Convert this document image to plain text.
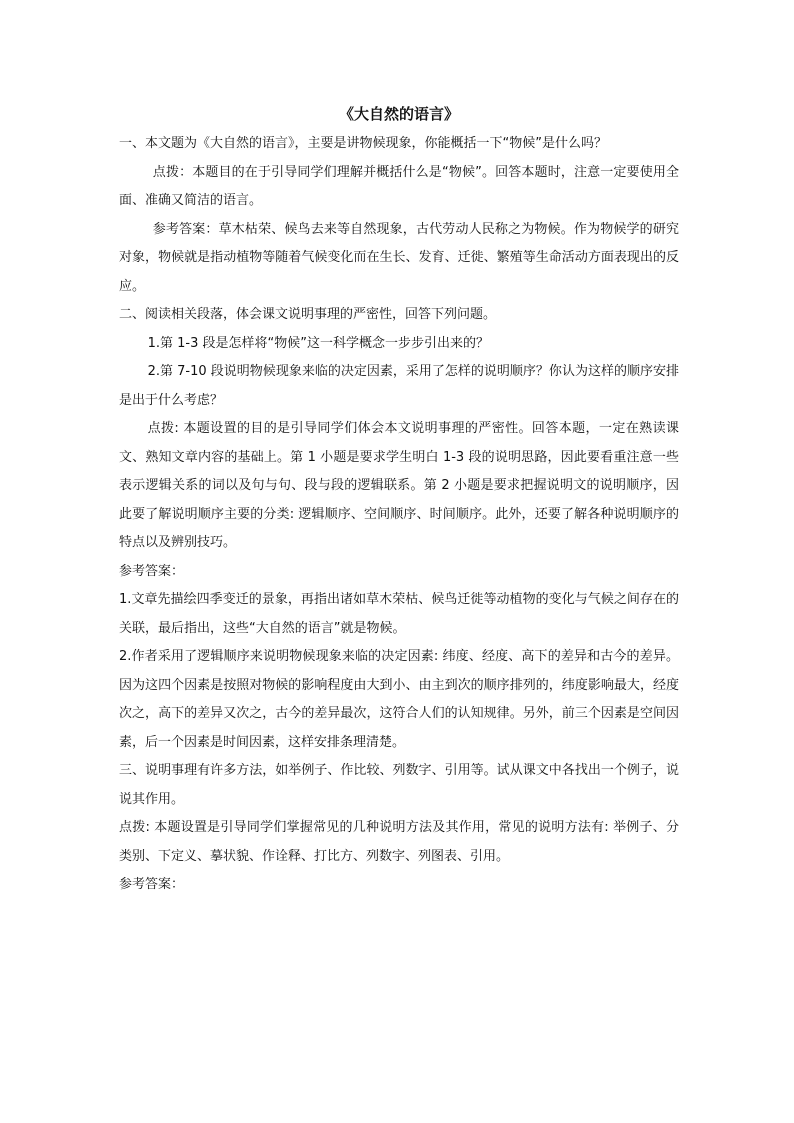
《大自然的语言》

一、本文题为《大自然的语言》，主要是讲物候现象，你能概括一下“物候”是什么吗？

点拨：本题目的在于引导同学们理解并概括什么是“物候”。回答本题时，注意一定要使用全面、准确又简洁的语言。

参考答案：草木枯荣、候鸟去来等自然现象，古代劳动人民称之为物候。作为物候学的研究对象，物候就是指动植物等随着气候变化而在生长、发育、迁徙、繁殖等生命活动方面表现出的反应。

二、阅读相关段落，体会课文说明事理的严密性，回答下列问题。

1.第 1-3 段是怎样将“物候”这一科学概念一步步引出来的？

2.第 7-10 段说明物候现象来临的决定因素，采用了怎样的说明顺序？你认为这样的顺序安排是出于什么考虑？

点拨: 本题设置的目的是引导同学们体会本文说明事理的严密性。回答本题，一定在熟读课文、熟知文章内容的基础上。第 1 小题是要求学生明白 1-3 段的说明思路，因此要看重注意一些表示逻辑关系的词以及句与句、段与段的逻辑联系。第 2 小题是要求把握说明文的说明顺序，因此要了解说明顺序主要的分类: 逻辑顺序、空间顺序、时间顺序。此外，还要了解各种说明顺序的特点以及辨别技巧。

参考答案：

1.文章先描绘四季变迁的景象，再指出诸如草木荣枯、候鸟迁徙等动植物的变化与气候之间存在的关联，最后指出，这些“大自然的语言”就是物候。

2.作者采用了逻辑顺序来说明物候现象来临的决定因素: 纬度、经度、高下的差异和古今的差异。因为这四个因素是按照对物候的影响程度由大到小、由主到次的顺序排列的，纬度影响最大，经度次之，高下的差异又次之，古今的差异最次，这符合人们的认知规律。另外，前三个因素是空间因素，后一个因素是时间因素，这样安排条理清楚。

三、说明事理有许多方法，如举例子、作比较、列数字、引用等。试从课文中各找出一个例子，说说其作用。

点拨: 本题设置是引导同学们掌握常见的几种说明方法及其作用，常见的说明方法有: 举例子、分类别、下定义、摹状貌、作诠释、打比方、列数字、列图表、引用。

参考答案：
